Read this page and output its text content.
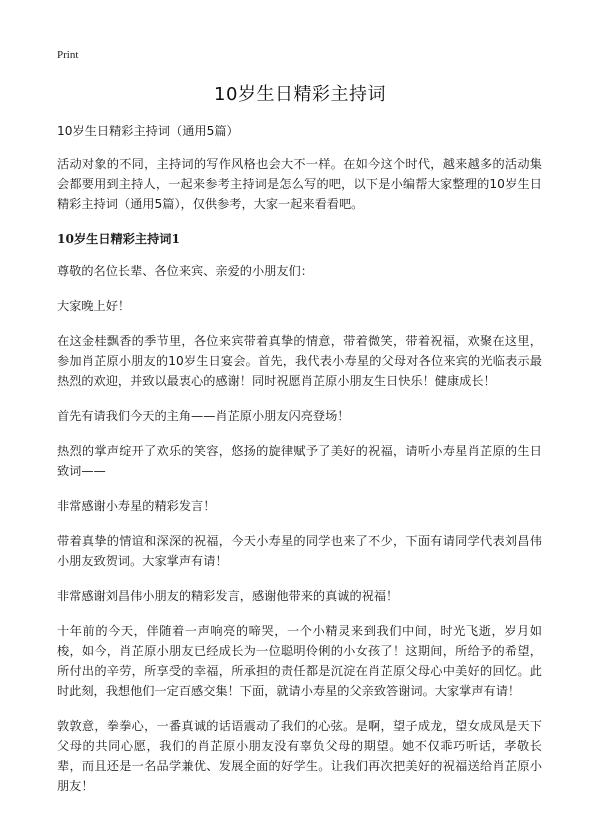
Print
10岁生日精彩主持词

10岁生日精彩主持词（通用5篇）

活动对象的不同，主持词的写作风格也会大不一样。在如今这个时代，越来越多的活动集会都要用到主持人，一起来参考主持词是怎么写的吧，以下是小编帮大家整理的10岁生日精彩主持词（通用5篇），仅供参考，大家一起来看看吧。

10岁生日精彩主持词1

尊敬的名位长辈、各位来宾、亲爱的小朋友们：

大家晚上好！

在这金桂飘香的季节里，各位来宾带着真挚的情意，带着微笑，带着祝福，欢聚在这里，参加肖芷原小朋友的10岁生日宴会。首先，我代表小寿星的父母对各位来宾的光临表示最热烈的欢迎，并致以最衷心的感谢！同时祝愿肖芷原小朋友生日快乐！健康成长！

首先有请我们今天的主角——肖芷原小朋友闪亮登场！

热烈的掌声绽开了欢乐的笑容，悠扬的旋律赋予了美好的祝福，请听小寿星肖芷原的生日致词——

非常感谢小寿星的精彩发言！

带着真挚的情谊和深深的祝福，今天小寿星的同学也来了不少，下面有请同学代表刘昌伟小朋友致贺词。大家掌声有请！

非常感谢刘昌伟小朋友的精彩发言，感谢他带来的真诚的祝福！

十年前的今天，伴随着一声响亮的啼哭，一个小精灵来到我们中间，时光飞逝，岁月如梭，如今，肖芷原小朋友已经成长为一位聪明伶俐的小女孩了！这期间，所给予的希望，所付出的辛劳，所享受的幸福，所承担的责任都是沉淀在肖芷原父母心中美好的回忆。此时此刻，我想他们一定百感交集！下面，就请小寿星的父亲致答谢词。大家掌声有请！

敦敦意，拳拳心，一番真诚的话语震动了我们的心弦。是啊，望子成龙，望女成凤是天下父母的共同心愿，我们的肖芷原小朋友没有辜负父母的期望。她不仅乖巧听话，孝敬长辈，而且还是一名品学兼优、发展全面的好学生。让我们再次把美好的祝福送给肖芷原小朋友！
